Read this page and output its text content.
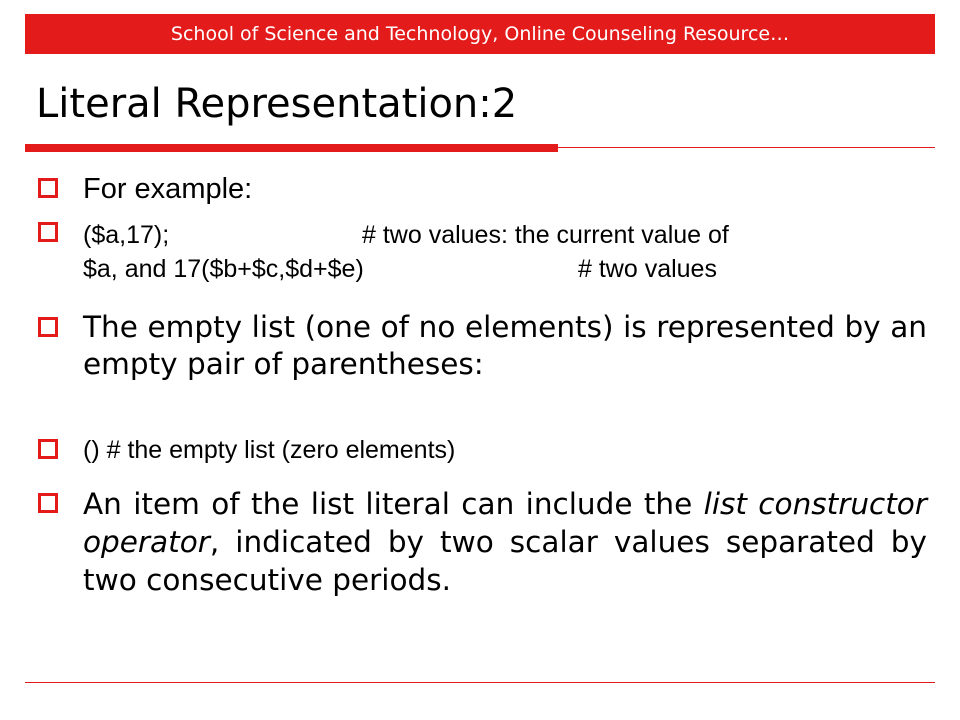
School of Science and Technology, Online Counseling Resource…
Literal Representation:2
For example:
($a,17);	# two values: the current value of
$a, and 17($b+$c,$d+$e)	# two values
The empty list (one of no elements) is represented by an empty pair of parentheses:
() # the empty list (zero elements)
An item of the list literal can include the list constructor operator, indicated by two scalar values separated by two consecutive periods.
